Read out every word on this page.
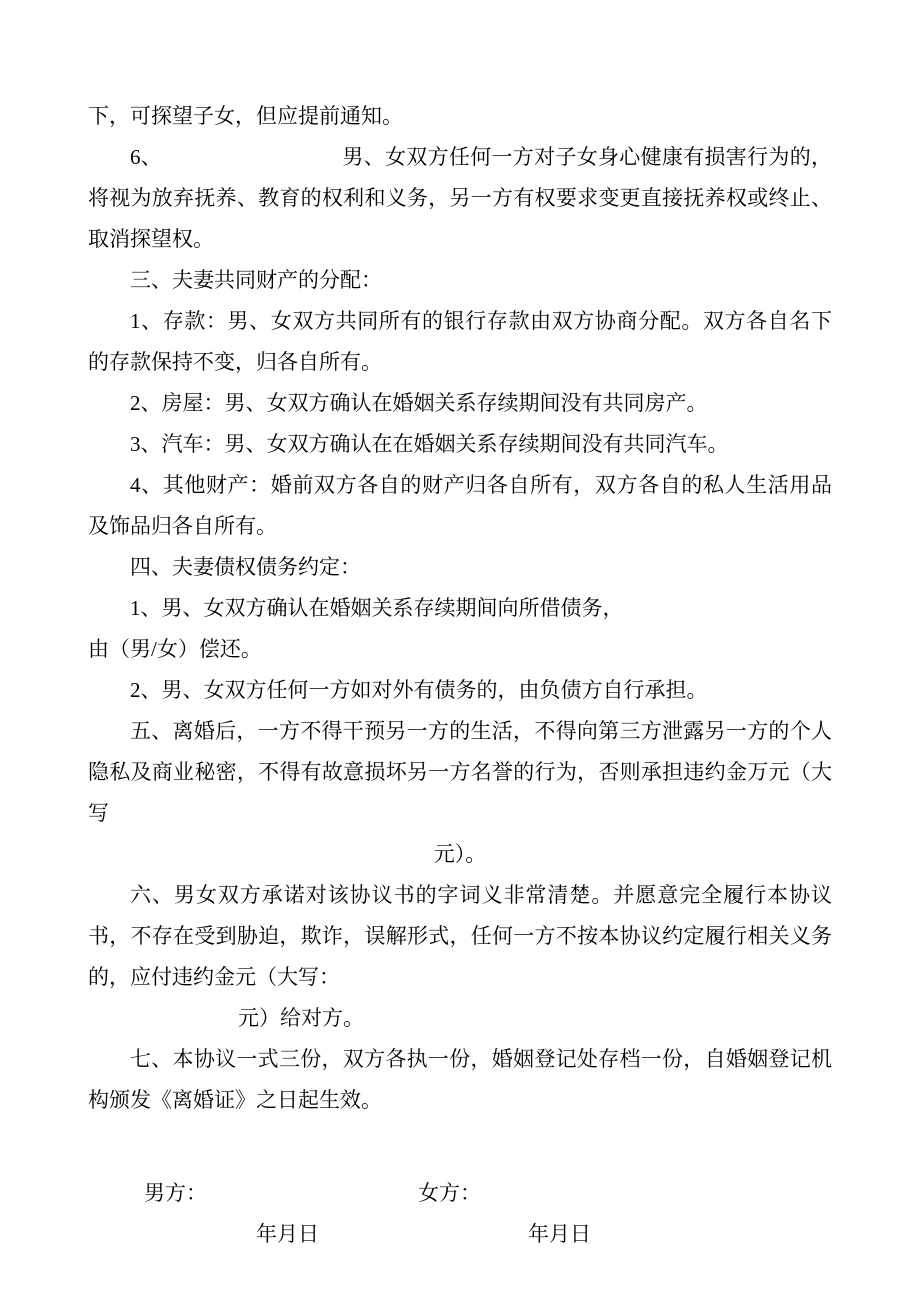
下，可探望子女，但应提前通知。

6、	男、女双方任何一方对子女身心健康有损害行为的，将视为放弃抚养、教育的权利和义务，另一方有权要求变更直接抚养权或终止、取消探望权。

三、夫妻共同财产的分配：

1、存款：男、女双方共同所有的银行存款由双方协商分配。双方各自名下的存款保持不变，归各自所有。

2、房屋：男、女双方确认在婚姻关系存续期间没有共同房产。

3、汽车：男、女双方确认在在婚姻关系存续期间没有共同汽车。

4、其他财产：婚前双方各自的财产归各自所有，双方各自的私人生活用品及饰品归各自所有。

四、夫妻债权债务约定：

1、男、女双方确认在婚姻关系存续期间向所借债务，

由（男/女）偿还。

2、男、女双方任何一方如对外有债务的，由负债方自行承担。

五、离婚后，一方不得干预另一方的生活，不得向第三方泄露另一方的个人隐私及商业秘密，不得有故意损坏另一方名誉的行为，否则承担违约金万元（大写

元）。

六、男女双方承诺对该协议书的字词义非常清楚。并愿意完全履行本协议书，不存在受到胁迫，欺诈，误解形式，任何一方不按本协议约定履行相关义务的，应付违约金元（大写：

元）给对方。

七、本协议一式三份，双方各执一份，婚姻登记处存档一份，自婚姻登记机构颁发《离婚证》之日起生效。

男方：	女方：
年月日	年月日
